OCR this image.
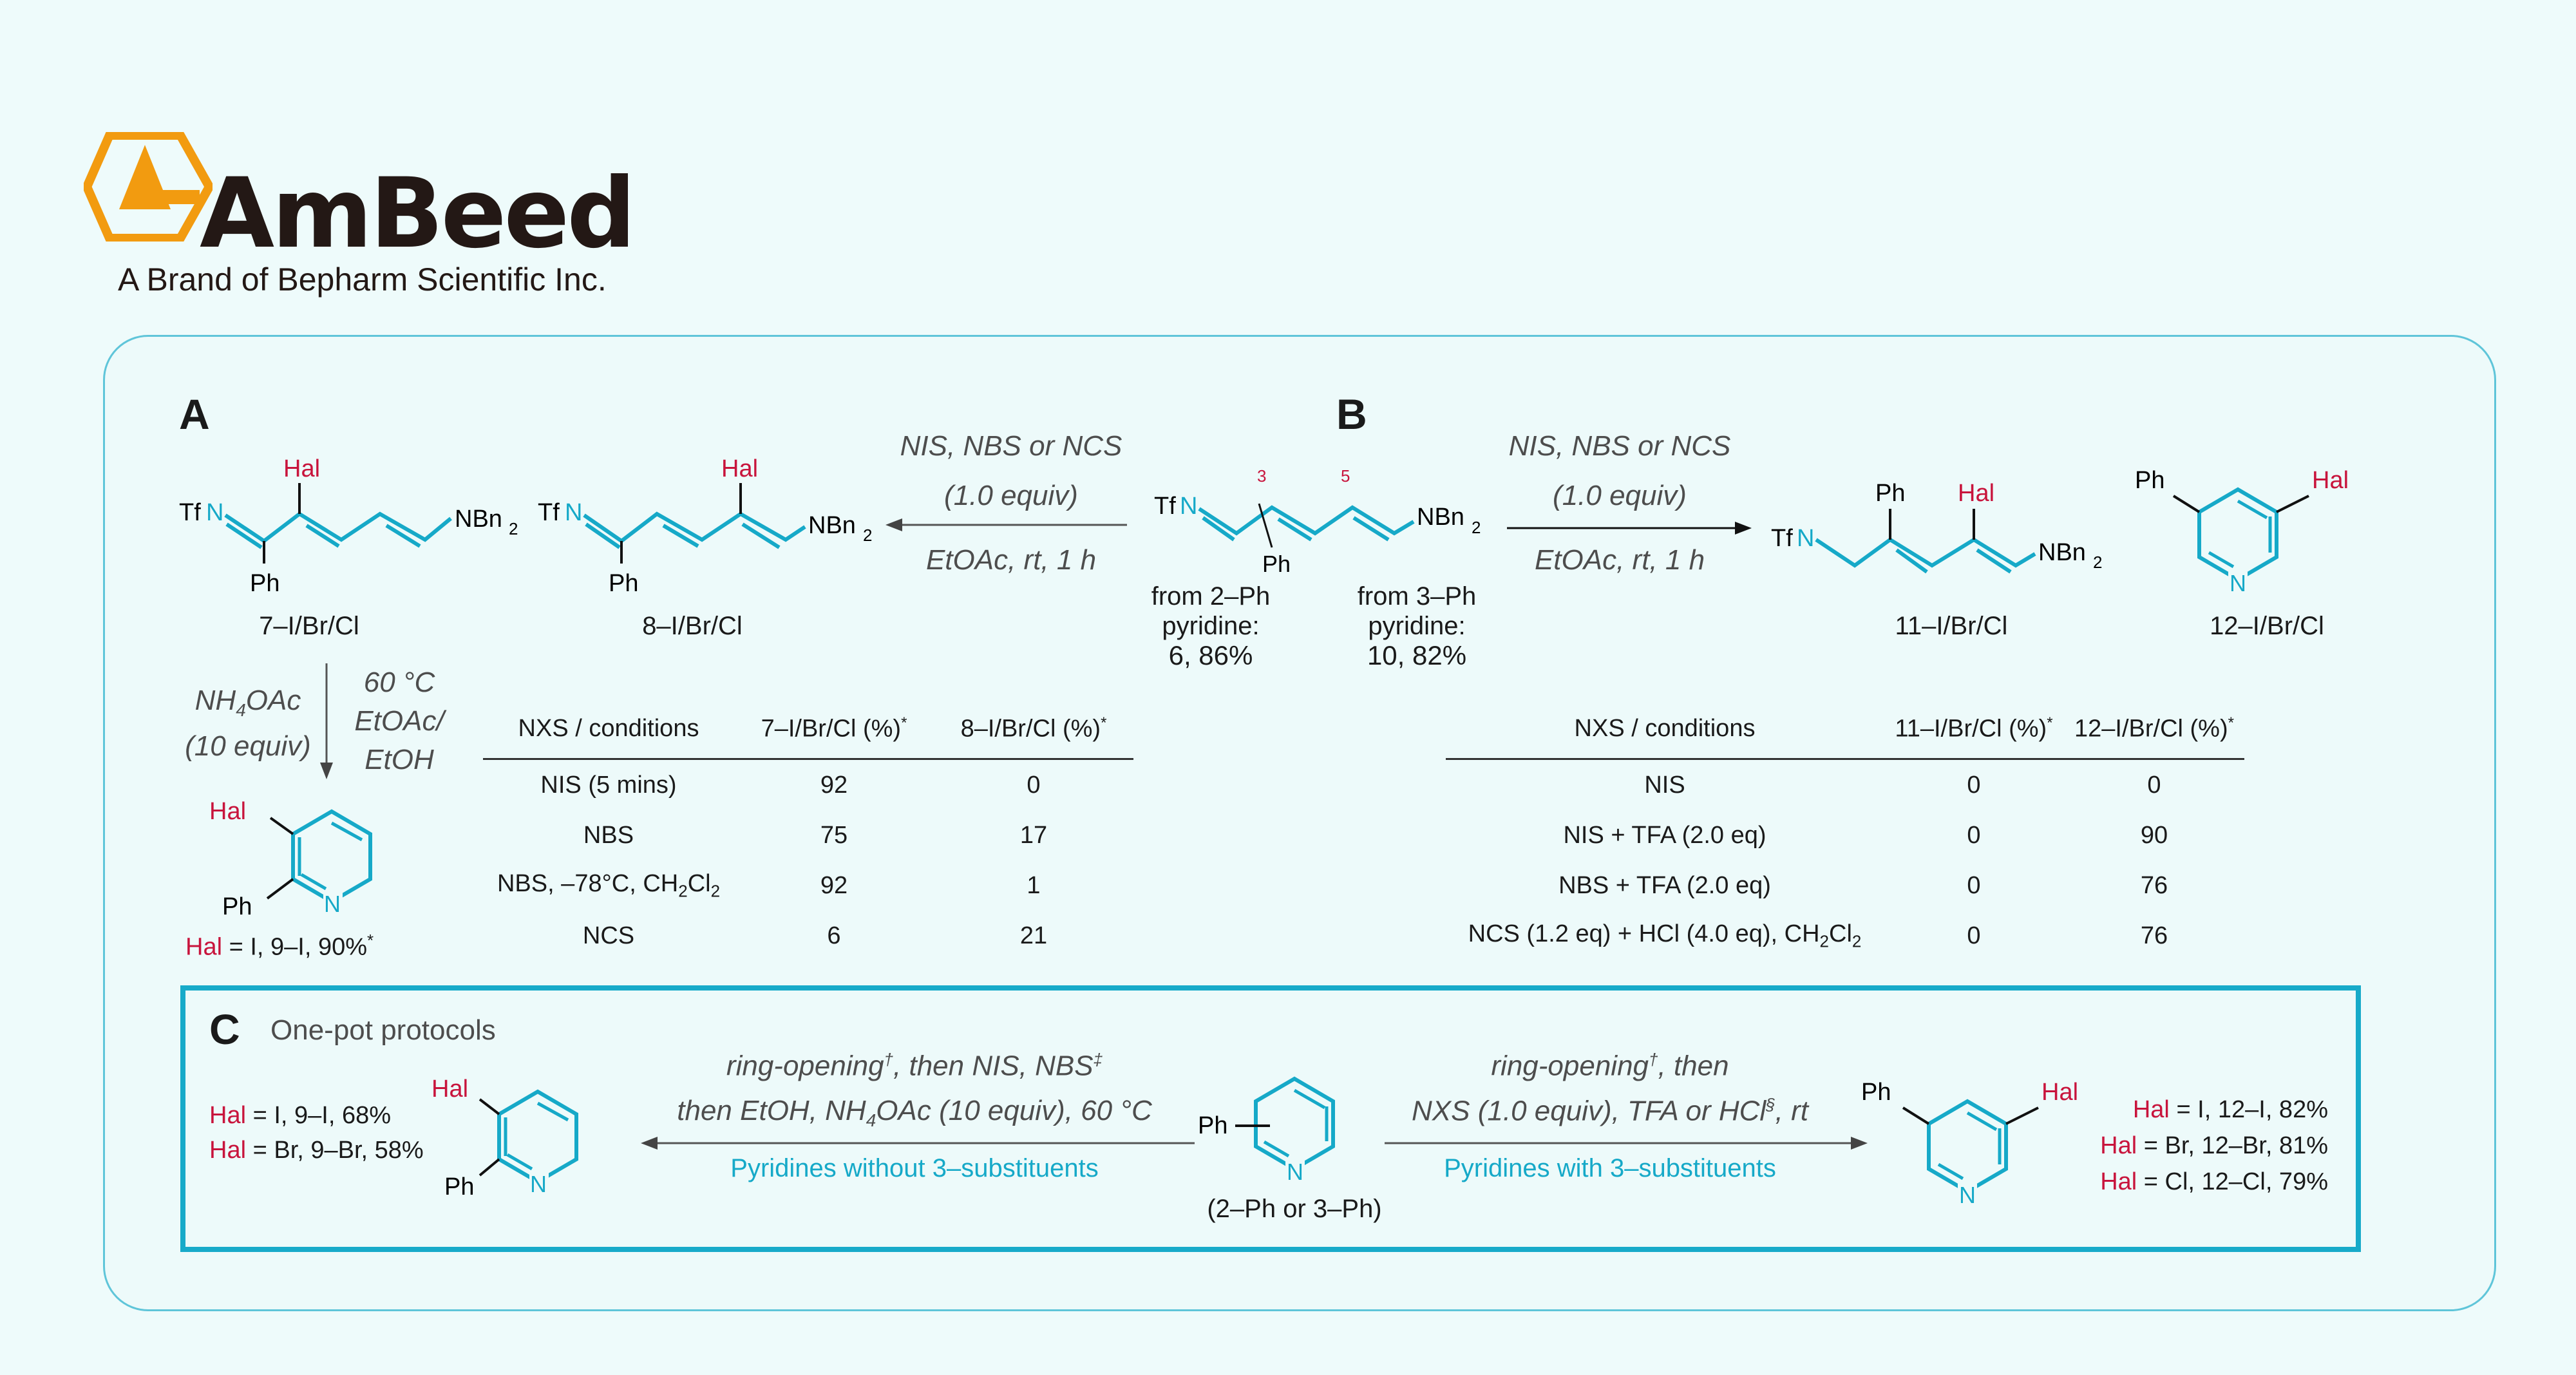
AmBeed
A Brand of Bepharm Scientific Inc.
A	B
Tf N
Hal
Ph
NBn 2
Tf N
Hal
Ph
NBn 2
7–I/Br/Cl	8–I/Br/Cl
NIS, NBS or NCS
(1.0 equiv)
EtOAc, rt, 1 h
Tf N
3	5
Ph
NBn 2
from 2–Ph
pyridine:
6, 86%
from 3–Ph
pyridine:
10, 82%
NIS, NBS or NCS
(1.0 equiv)
EtOAc, rt, 1 h
Tf N
Ph Hal
NBn 2
11–I/Br/Cl
Ph	Hal
N
12–I/Br/Cl
$NH_4OAc$
(10 equiv)
60 °C
EtOAc/
EtOH
Hal
Ph	N
Hal = I, 9–I, 90%*
NXS / conditions	7–I/Br/Cl (%)*	8–I/Br/Cl (%)*
NIS (5 mins)	92	0
NBS	75	17
NBS, –78°C, $CH_2Cl_2$	92	1
NCS	6	21
NXS / conditions	11–I/Br/Cl (%)*	12–I/Br/Cl (%)*
NIS	0	0
NIS + TFA (2.0 eq)	0	90
NBS + TFA (2.0 eq)	0	76
NCS (1.2 eq) + HCl (4.0 eq), $CH_2Cl_2$	0	76
C One-pot protocols
Hal = I, 9–I, 68%
Hal = Br, 9–Br, 58%
Hal
Ph N
ring-opening†, then NIS, NBS‡
then EtOH, $NH_4OAc$ (10 equiv), 60 °C
Pyridines without 3–substituents
Ph
N
(2–Ph or 3–Ph)
ring-opening†, then
NXS (1.0 equiv), TFA or HCl§, rt
Pyridines with 3–substituents
Ph	Hal
N
Hal = I, 12–I, 82%
Hal = Br, 12–Br, 81%
Hal = Cl, 12–Cl, 79%
